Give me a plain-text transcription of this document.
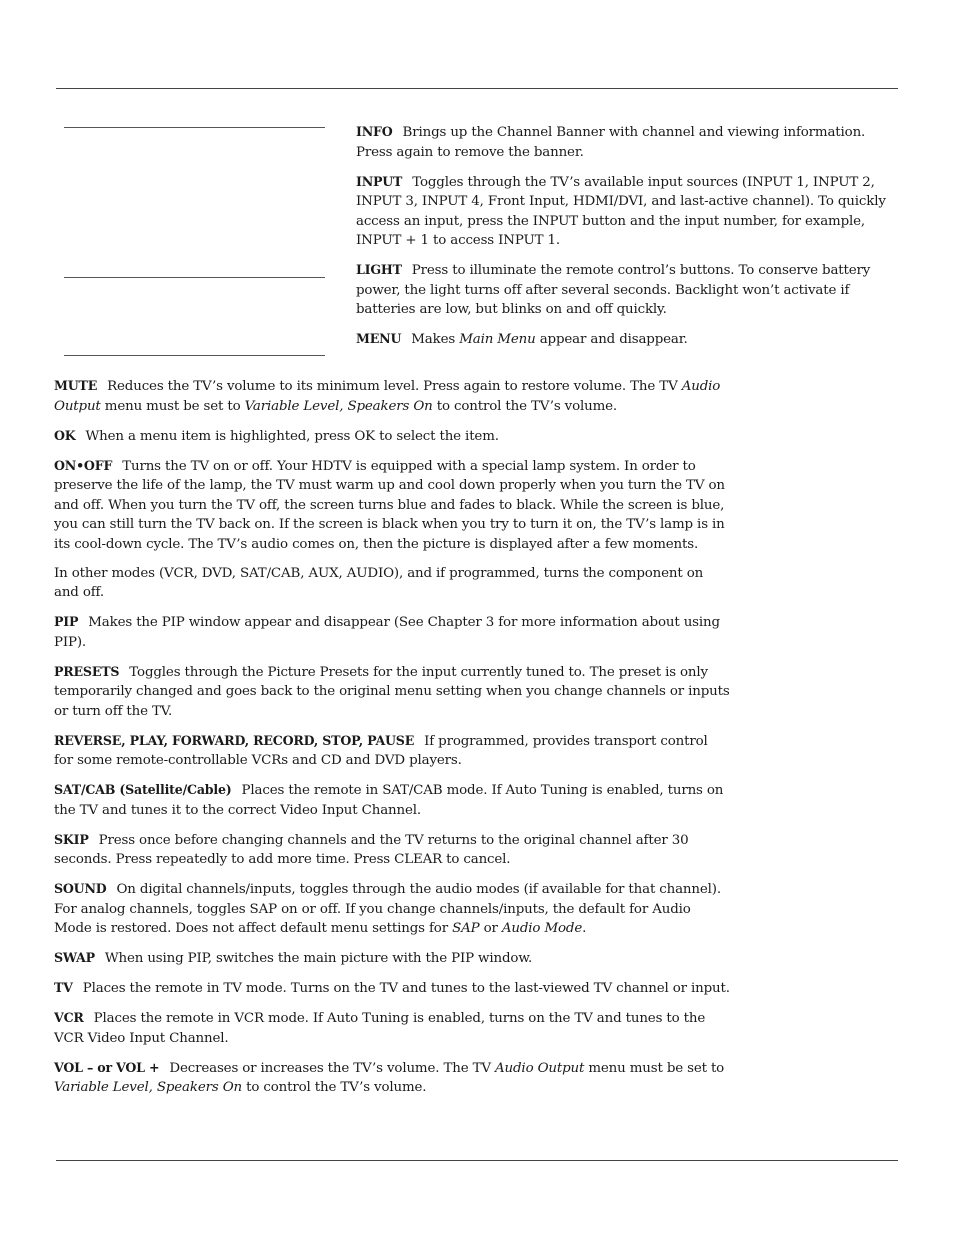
INFO Brings up the Channel Banner with channel and viewing information. Press again to remove the banner.

INPUT Toggles through the TV’s available input sources (INPUT 1, INPUT 2, INPUT 3, INPUT 4, Front Input, HDMI/DVI, and last-active channel). To quickly access an input, press the INPUT button and the input number, for example, INPUT + 1 to access INPUT 1.

LIGHT Press to illuminate the remote control’s buttons. To conserve battery power, the light turns off after several seconds. Backlight won’t activate if batteries are low, but blinks on and off quickly.

MENU Makes Main Menu appear and disappear.

MUTE Reduces the TV’s volume to its minimum level. Press again to restore volume. The TV Audio Output menu must be set to Variable Level, Speakers On to control the TV’s volume.

OK When a menu item is highlighted, press OK to select the item.

ON•OFF Turns the TV on or off. Your HDTV is equipped with a special lamp system. In order to preserve the life of the lamp, the TV must warm up and cool down properly when you turn the TV on and off. When you turn the TV off, the screen turns blue and fades to black. While the screen is blue, you can still turn the TV back on. If the screen is black when you try to turn it on, the TV’s lamp is in its cool-down cycle. The TV’s audio comes on, then the picture is displayed after a few moments.

In other modes (VCR, DVD, SAT/CAB, AUX, AUDIO), and if programmed, turns the component on and off.

PIP Makes the PIP window appear and disappear (See Chapter 3 for more information about using PIP).

PRESETS Toggles through the Picture Presets for the input currently tuned to. The preset is only temporarily changed and goes back to the original menu setting when you change channels or inputs or turn off the TV.

REVERSE, PLAY, FORWARD, RECORD, STOP, PAUSE If programmed, provides transport control for some remote-controllable VCRs and CD and DVD players.

SAT/CAB (Satellite/Cable) Places the remote in SAT/CAB mode. If Auto Tuning is enabled, turns on the TV and tunes it to the correct Video Input Channel.

SKIP Press once before changing channels and the TV returns to the original channel after 30 seconds. Press repeatedly to add more time. Press CLEAR to cancel.

SOUND On digital channels/inputs, toggles through the audio modes (if available for that channel). For analog channels, toggles SAP on or off. If you change channels/inputs, the default for Audio Mode is restored. Does not affect default menu settings for SAP or Audio Mode.

SWAP When using PIP, switches the main picture with the PIP window.

TV Places the remote in TV mode. Turns on the TV and tunes to the last-viewed TV channel or input.

VCR Places the remote in VCR mode. If Auto Tuning is enabled, turns on the TV and tunes to the VCR Video Input Channel.

VOL – or VOL + Decreases or increases the TV’s volume. The TV Audio Output menu must be set to Variable Level, Speakers On to control the TV’s volume.
